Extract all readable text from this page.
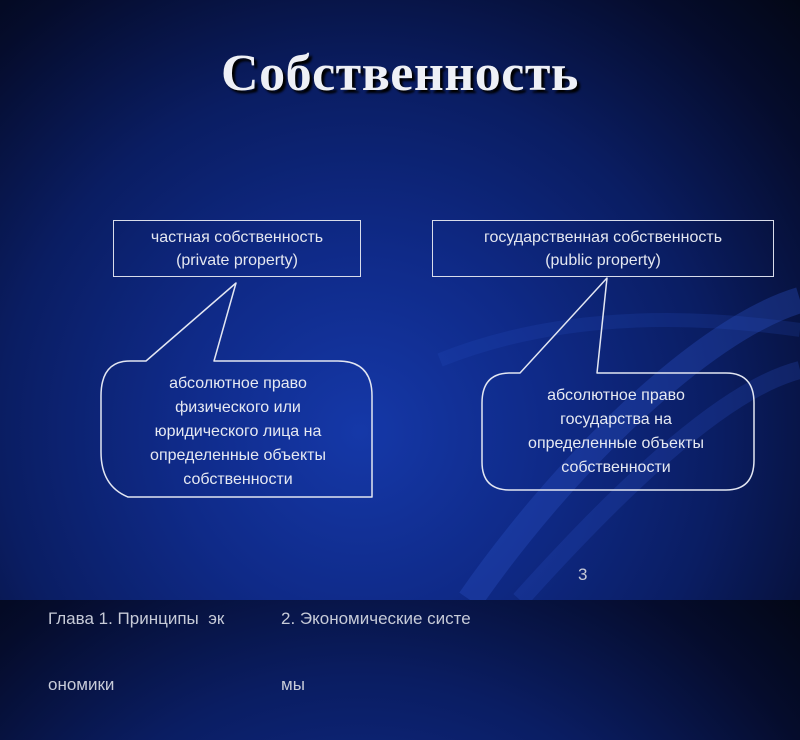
Собственность
частная собственность
(private property)
государственная собственность
(public property)
абсолютное право
физического или
юридического лица на
определенные объекты
собственности
абсолютное право
государства на
определенные объекты
собственности

Глава 1. Принципы  эк

ономики

2. Экономические систе

мы

3
